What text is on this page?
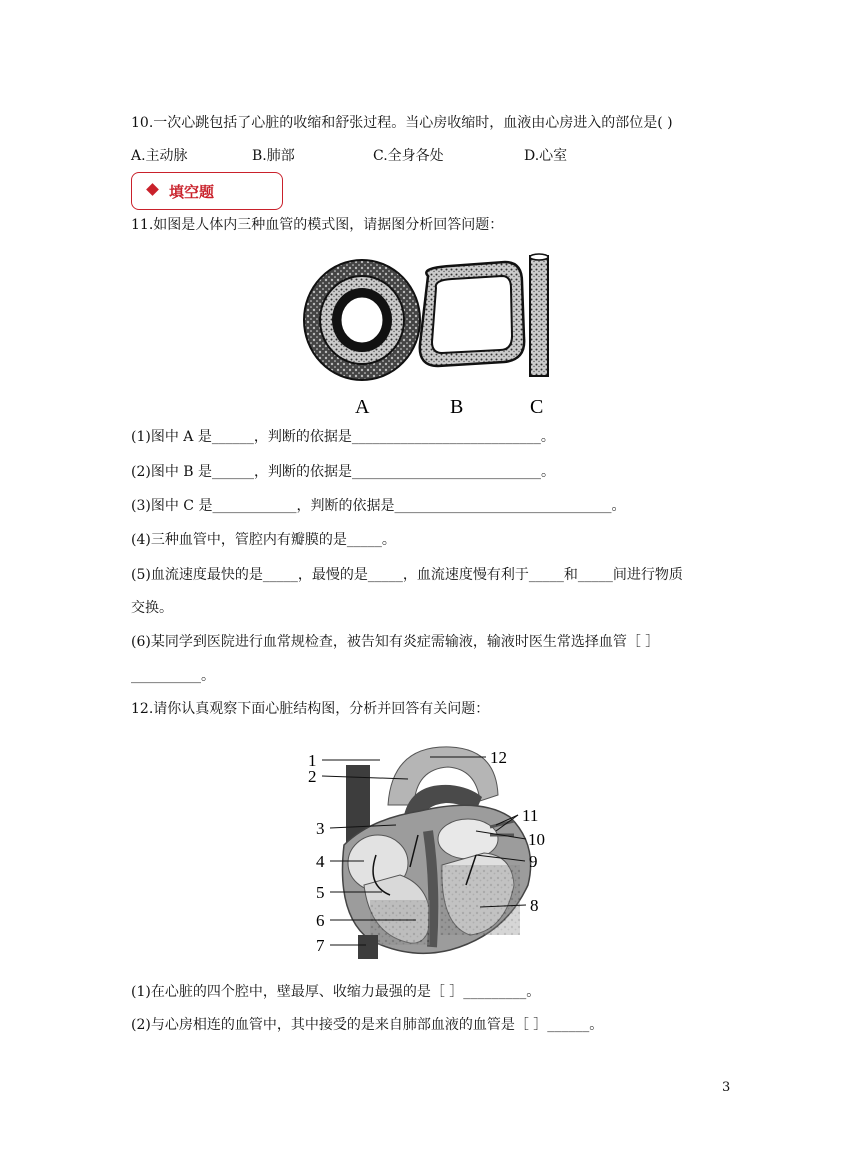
10.一次心跳包括了心脏的收缩和舒张过程。当心房收缩时，血液由心房进入的部位是( )
A.主动脉	B.肺部	C.全身各处	D.心室
填空题
11.如图是人体内三种血管的模式图，请据图分析回答问题：
A	B	C
(1)图中 A 是______，判断的依据是___________________________。
(2)图中 B 是______，判断的依据是___________________________。
(3)图中 C 是____________，判断的依据是_______________________________。
(4)三种血管中，管腔内有瓣膜的是_____。
(5)血流速度最快的是_____，最慢的是_____，血流速度慢有利于_____和_____间进行物质
交换。
(6)某同学到医院进行血常规检查，被告知有炎症需输液，输液时医生常选择血管［ ］
__________。
12.请你认真观察下面心脏结构图，分析并回答有关问题：
1
2
3
4
5
6
7
8
9
10
11
12
(1)在心脏的四个腔中，壁最厚、收缩力最强的是［ ］_________。
(2)与心房相连的血管中，其中接受的是来自肺部血液的血管是［ ］______。
3
